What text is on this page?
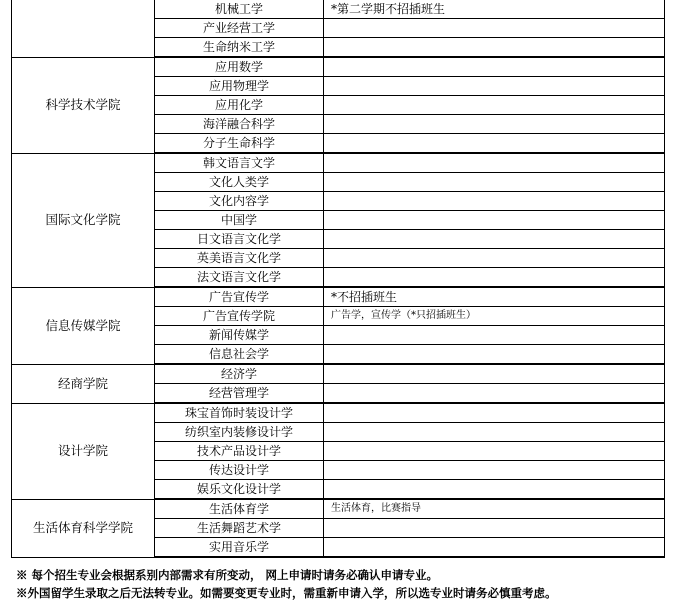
	机械工学	*第二学期不招插班生
	产业经营工学	
	生命纳米工学	
科学技术学院	应用数学	
	应用物理学	
	应用化学	
	海洋融合科学	
	分子生命科学	
国际文化学院	韩文语言文学	
	文化人类学	
	文化内容学	
	中国学	
	日文语言文化学	
	英美语言文化学	
	法文语言文化学	
信息传媒学院	广告宣传学	*不招插班生
	广告宣传学院	广告学，宣传学（*只招插班生）
	新闻传媒学	
	信息社会学	
经商学院	经济学	
	经营管理学	
设计学院	珠宝首饰时装设计学	
	纺织室内装修设计学	
	技术产品设计学	
	传达设计学	
	娱乐文化设计学	
生活体育科学学院	生活体育学	生活体育，比赛指导
	生活舞蹈艺术学	
	实用音乐学	
※ 每个招生专业会根据系别内部需求有所变动， 网上申请时请务必确认申请专业。
※外国留学生录取之后无法转专业。如需要变更专业时，需重新申请入学，所以选专业时请务必慎重考虑。
